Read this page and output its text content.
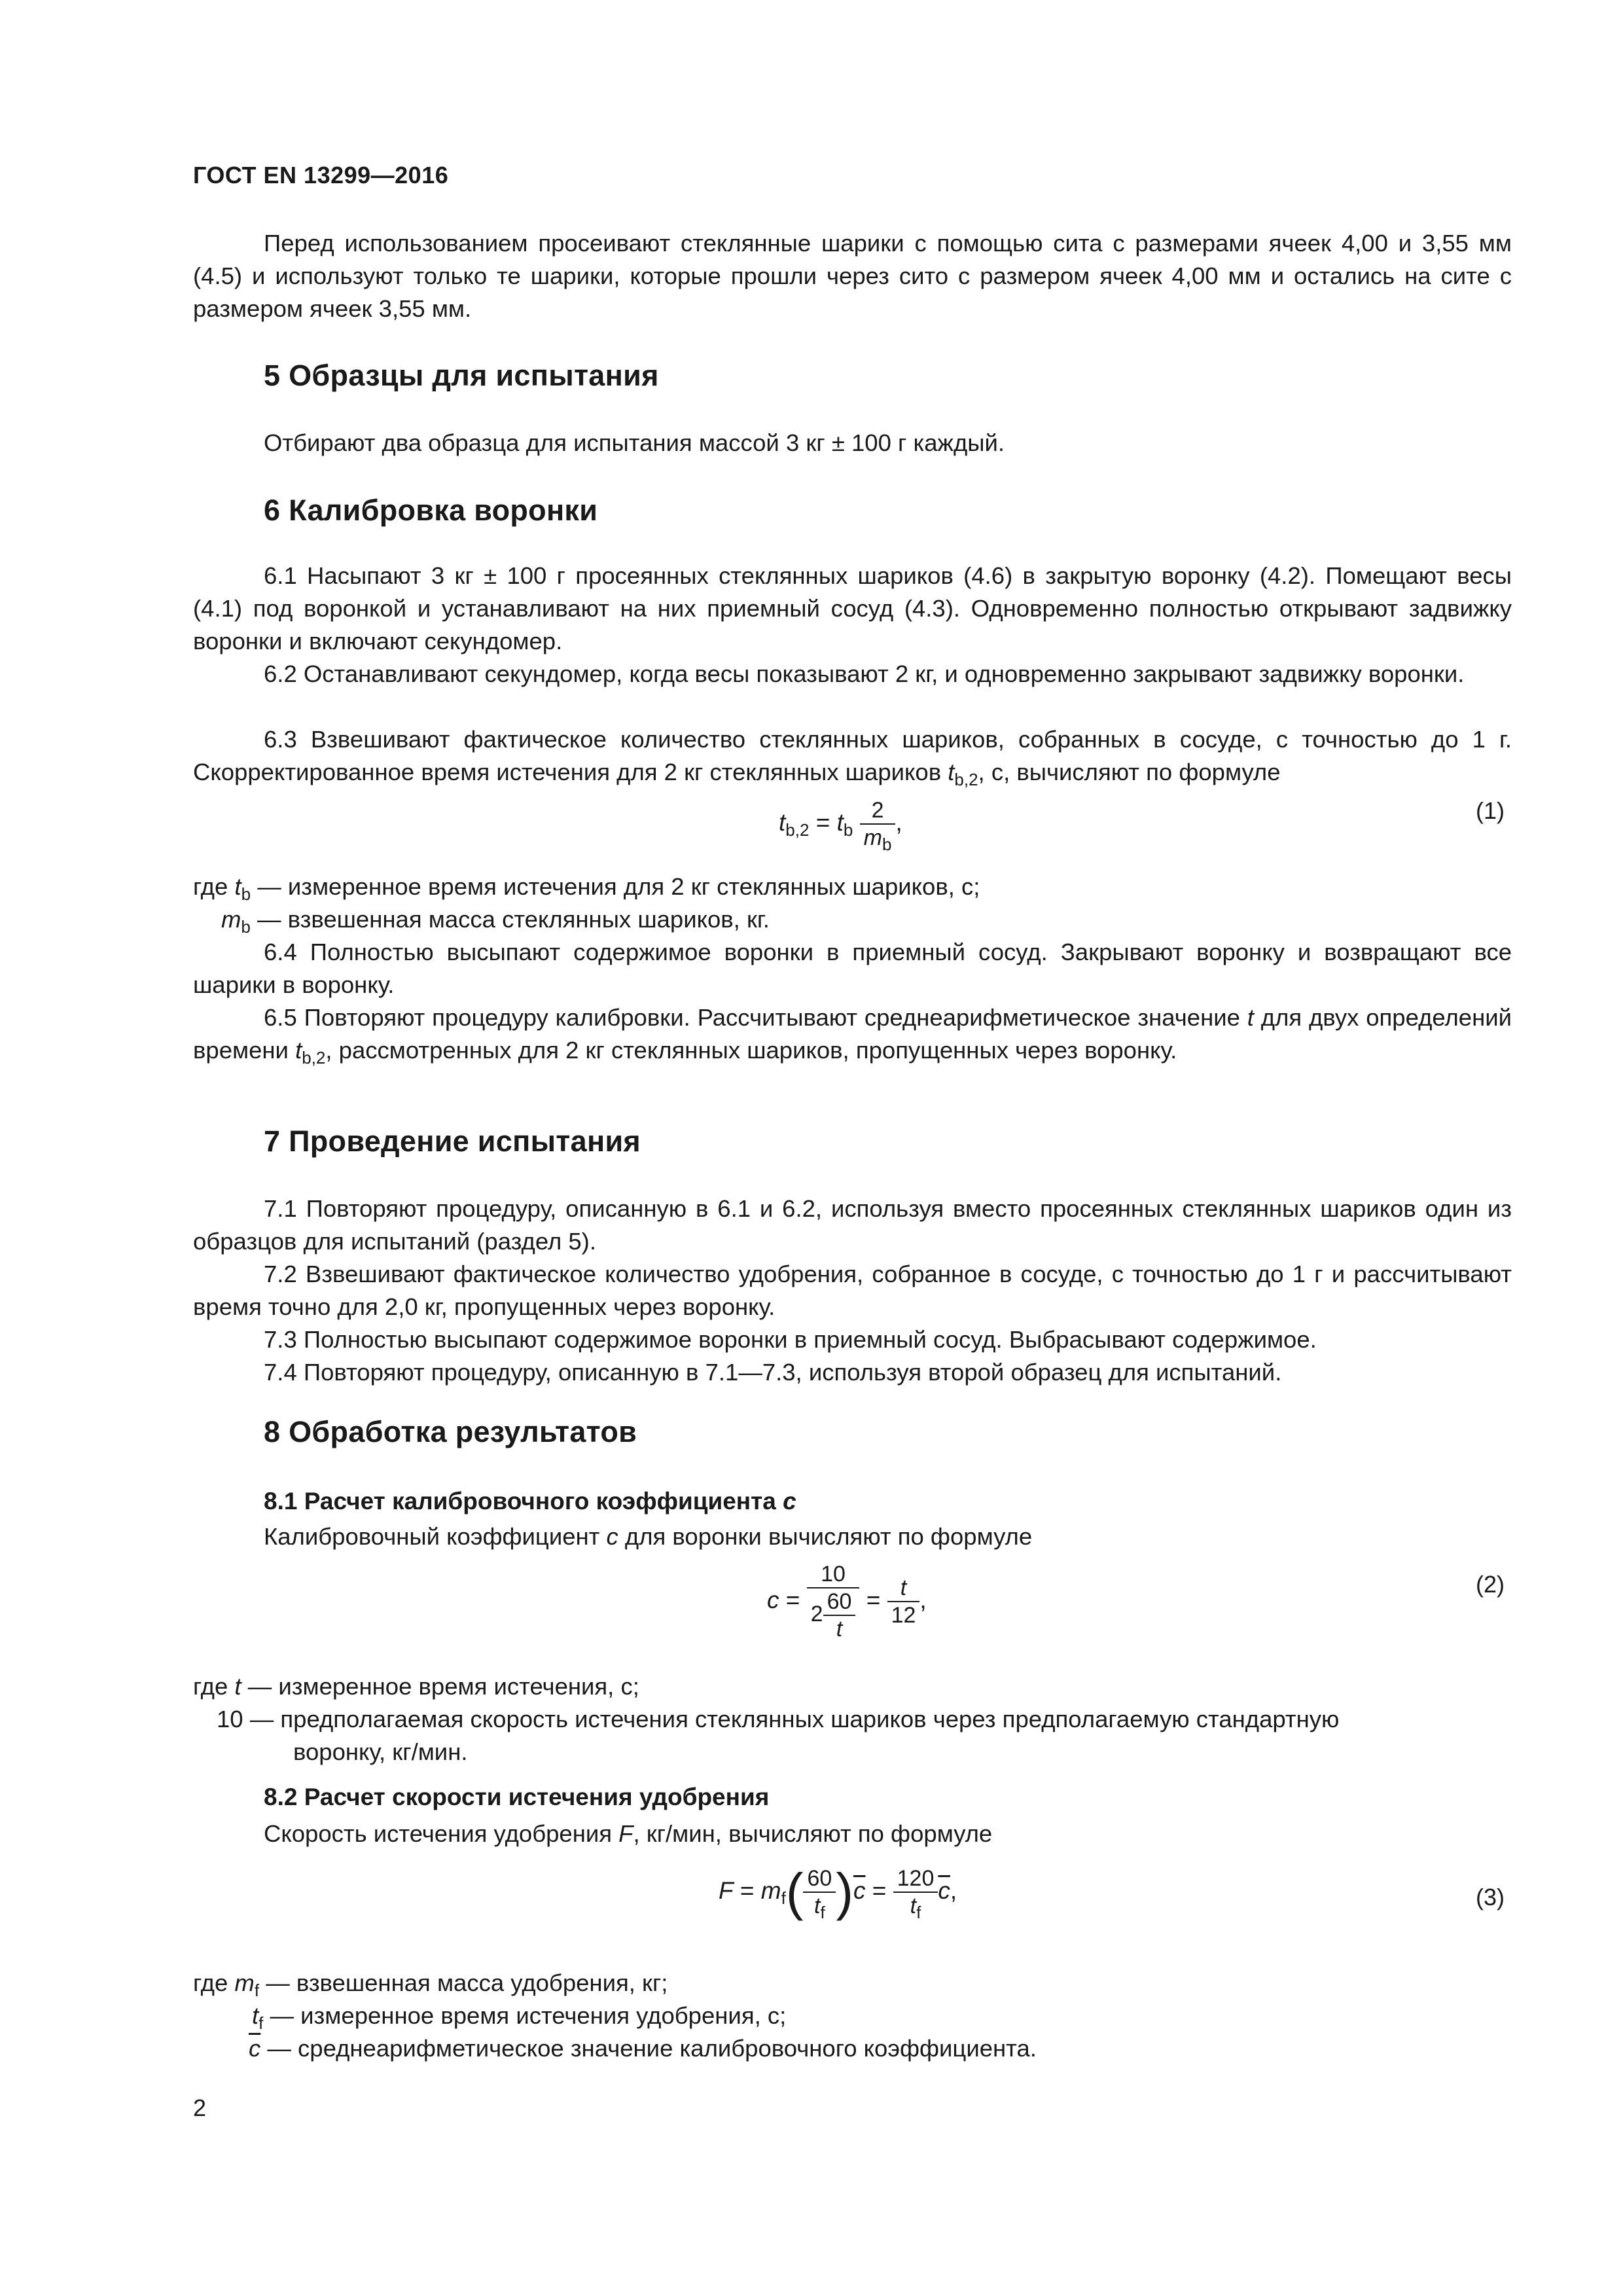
ГОСТ EN 13299—2016

Перед использованием просеивают стеклянные шарики с помощью сита с размерами ячеек 4,00 и 3,55 мм (4.5) и используют только те шарики, которые прошли через сито с размером ячеек 4,00 мм и остались на сите с размером ячеек 3,55 мм.

5 Образцы для испытания

Отбирают два образца для испытания массой 3 кг ± 100 г каждый.

6 Калибровка воронки

6.1 Насыпают 3 кг ± 100 г просеянных стеклянных шариков (4.6) в закрытую воронку (4.2). Помещают весы (4.1) под воронкой и устанавливают на них приемный сосуд (4.3). Одновременно полностью открывают задвижку воронки и включают секундомер.

6.2 Останавливают секундомер, когда весы показывают 2 кг, и одновременно закрывают задвижку воронки.

6.3 Взвешивают фактическое количество стеклянных шариков, собранных в сосуде, с точностью до 1 г. Скорректированное время истечения для 2 кг стеклянных шариков $t_{b,2}$, с, вычисляют по формуле

$t_{b,2} = t_b \frac{2}{m_b}$ ,	(1)
где $t_b$ — измеренное время истечения для 2 кг стеклянных шариков, с;
$m_b$ — взвешенная масса стеклянных шариков, кг.

6.4 Полностью высыпают содержимое воронки в приемный сосуд. Закрывают воронку и возвращают все шарики в воронку.

6.5 Повторяют процедуру калибровки. Рассчитывают среднеарифметическое значение t для двух определений времени $t_{b,2}$, рассмотренных для 2 кг стеклянных шариков, пропущенных через воронку.

7 Проведение испытания

7.1 Повторяют процедуру, описанную в 6.1 и 6.2, используя вместо просеянных стеклянных шариков один из образцов для испытаний (раздел 5).

7.2 Взвешивают фактическое количество удобрения, собранное в сосуде, с точностью до 1 г и рассчитывают время точно для 2,0 кг, пропущенных через воронку.

7.3 Полностью высыпают содержимое воронки в приемный сосуд. Выбрасывают содержимое.

7.4 Повторяют процедуру, описанную в 7.1—7.3, используя второй образец для испытаний.

8 Обработка результатов
8.1 Расчет калибровочного коэффициента c

Калибровочный коэффициент c для воронки вычисляют по формуле

$c = \frac{10}{2 \frac{60}{t}} = \frac{t}{12}$ ,
(2)
где t — измеренное время истечения, с;
10 — предполагаемая скорость истечения стеклянных шариков через предполагаемую стандартную
воронку, кг/мин.
8.2 Расчет скорости истечения удобрения

Скорость истечения удобрения F, кг/мин, вычисляют по формуле

$F = m_f( \frac{60}{t_f} )\overline{c} = \frac{120}{t_f} \overline{c}$,	(3)
где $m_f$ — взвешенная масса удобрения, кг;
$t_f$ — измеренное время истечения удобрения, с;
$\overline{c}$ — среднеарифметическое значение калибровочного коэффициента.
2
